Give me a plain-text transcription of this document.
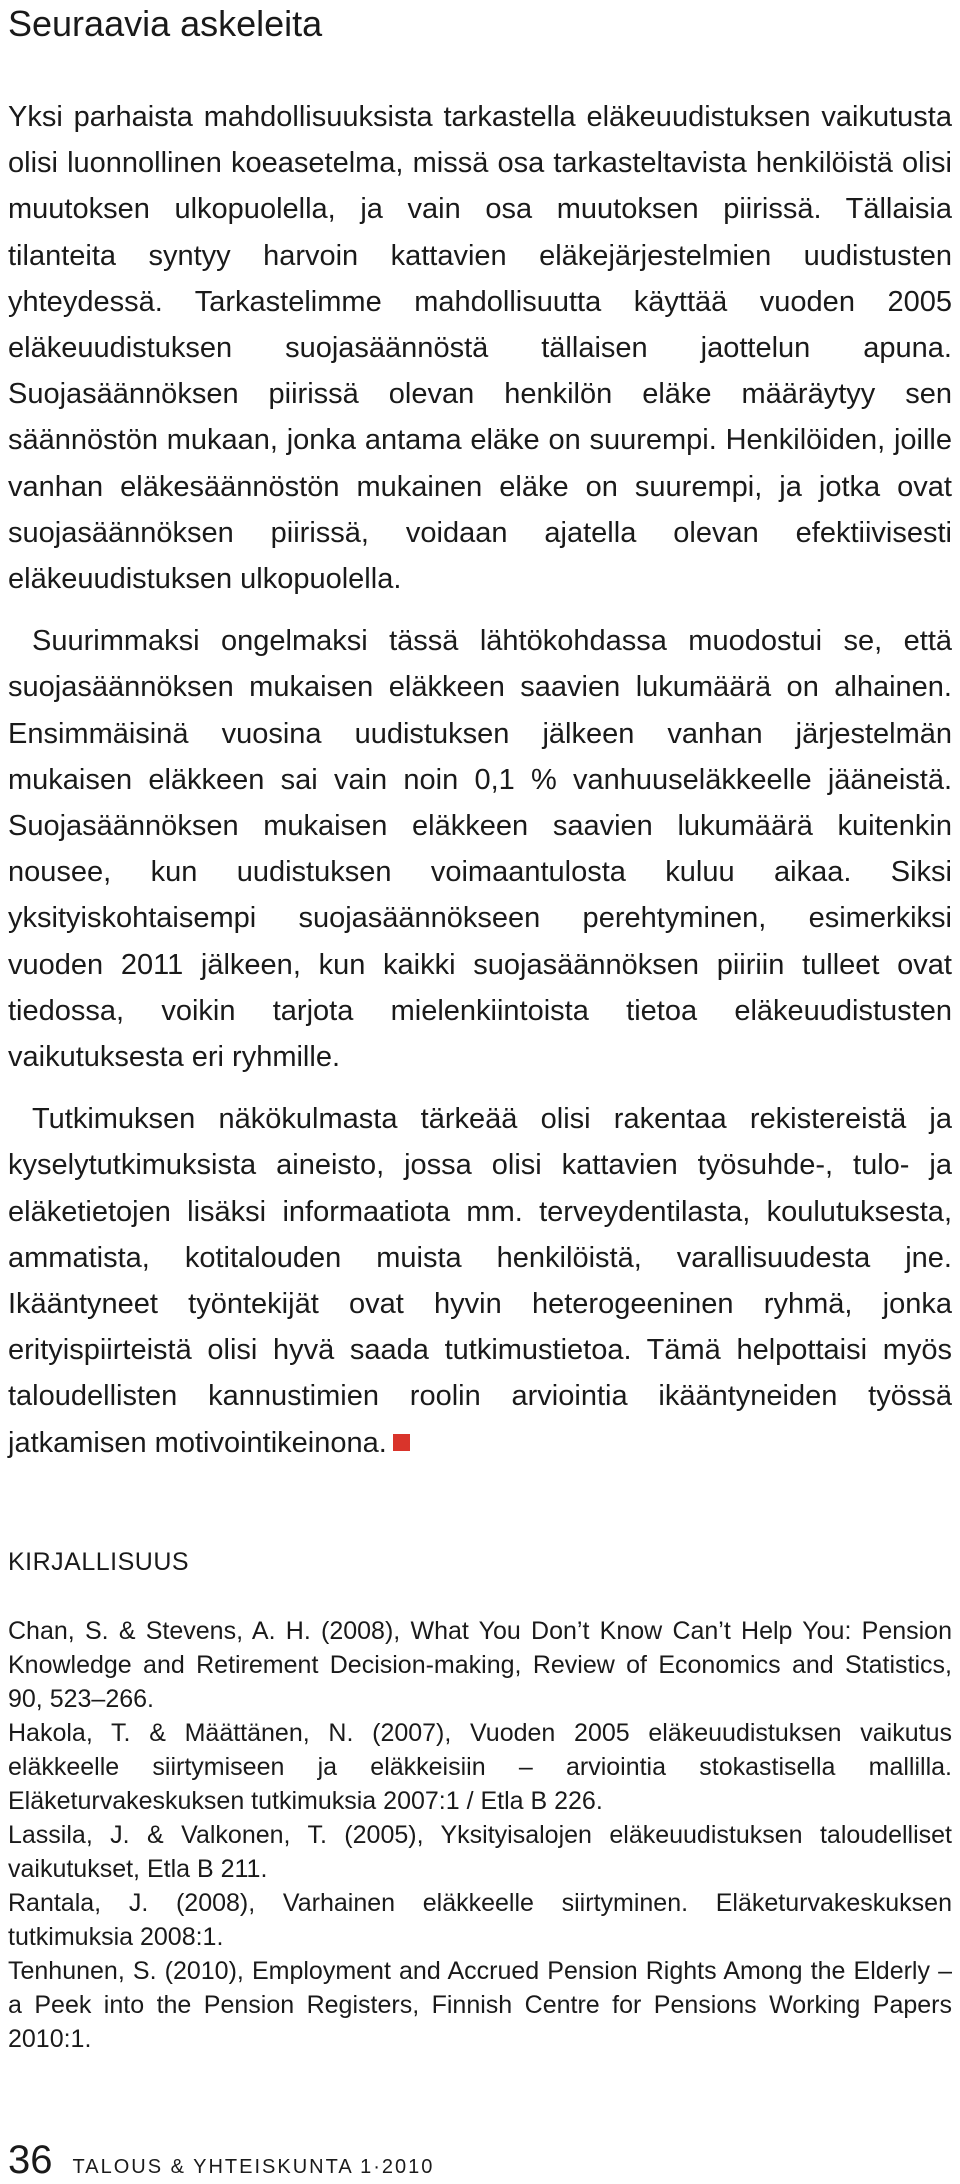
Seuraavia askeleita

Yksi parhaista mahdollisuuksista tarkastella eläkeuudistuksen vaikutusta olisi luonnollinen koeasetelma, missä osa tarkasteltavista henkilöistä olisi muutoksen ulkopuolella, ja vain osa muutoksen piirissä. Tällaisia tilanteita syntyy harvoin kattavien eläkejärjestelmien uudistusten yhteydessä. Tarkastelimme mahdollisuutta käyttää vuoden 2005 eläkeuudistuksen suojasäännöstä tällaisen jaottelun apuna. Suojasäännöksen piirissä olevan henkilön eläke määräytyy sen säännöstön mukaan, jonka antama eläke on suurempi. Henkilöiden, joille vanhan eläkesäännöstön mukainen eläke on suurempi, ja jotka ovat suojasäännöksen piirissä, voidaan ajatella olevan efektiivisesti eläkeuudistuksen ulkopuolella.

Suurimmaksi ongelmaksi tässä lähtökohdassa muodostui se, että suojasäännöksen mukaisen eläkkeen saavien lukumäärä on alhainen. Ensimmäisinä vuosina uudistuksen jälkeen vanhan järjestelmän mukaisen eläkkeen sai vain noin 0,1 % vanhuuseläkkeelle jääneistä. Suojasäännöksen mukaisen eläkkeen saavien lukumäärä kuitenkin nousee, kun uudistuksen voimaantulosta kuluu aikaa. Siksi yksityiskohtaisempi suojasäännökseen perehtyminen, esimerkiksi vuoden 2011 jälkeen, kun kaikki suojasäännöksen piiriin tulleet ovat tiedossa, voikin tarjota mielenkiintoista tietoa eläkeuudistusten vaikutuksesta eri ryhmille.

Tutkimuksen näkökulmasta tärkeää olisi rakentaa rekistereistä ja kyselytutkimuksista aineisto, jossa olisi kattavien työsuhde-, tulo- ja eläketietojen lisäksi informaatiota mm. terveydentilasta, koulutuksesta, ammatista, kotitalouden muista henkilöistä, varallisuudesta jne. Ikääntyneet työntekijät ovat hyvin heterogeeninen ryhmä, jonka erityispiirteistä olisi hyvä saada tutkimustietoa. Tämä helpottaisi myös taloudellisten kannustimien roolin arviointia ikääntyneiden työssä jatkamisen motivointikeinona.

KIRJALLISUUS

Chan, S. & Stevens, A. H. (2008), What You Don’t Know Can’t Help You: Pension Knowledge and Retirement Decision-making, Review of Economics and Statistics, 90, 523–266.

Hakola, T. & Määttänen, N. (2007), Vuoden 2005 eläkeuudistuksen vaikutus eläkkeelle siirtymiseen ja eläkkeisiin – arviointia stokastisella mallilla. Eläketurvakeskuksen tutkimuksia 2007:1 / Etla B 226.

Lassila, J. & Valkonen, T. (2005), Yksityisalojen eläkeuudistuksen taloudelliset vaikutukset, Etla B 211.

Rantala, J. (2008), Varhainen eläkkeelle siirtyminen. Eläketurvakeskuksen tutkimuksia 2008:1.

Tenhunen, S. (2010), Employment and Accrued Pension Rights Among the Elderly – a Peek into the Pension Registers, Finnish Centre for Pensions Working Papers 2010:1.

36 TALOUS & YHTEISKUNTA 1·2010
